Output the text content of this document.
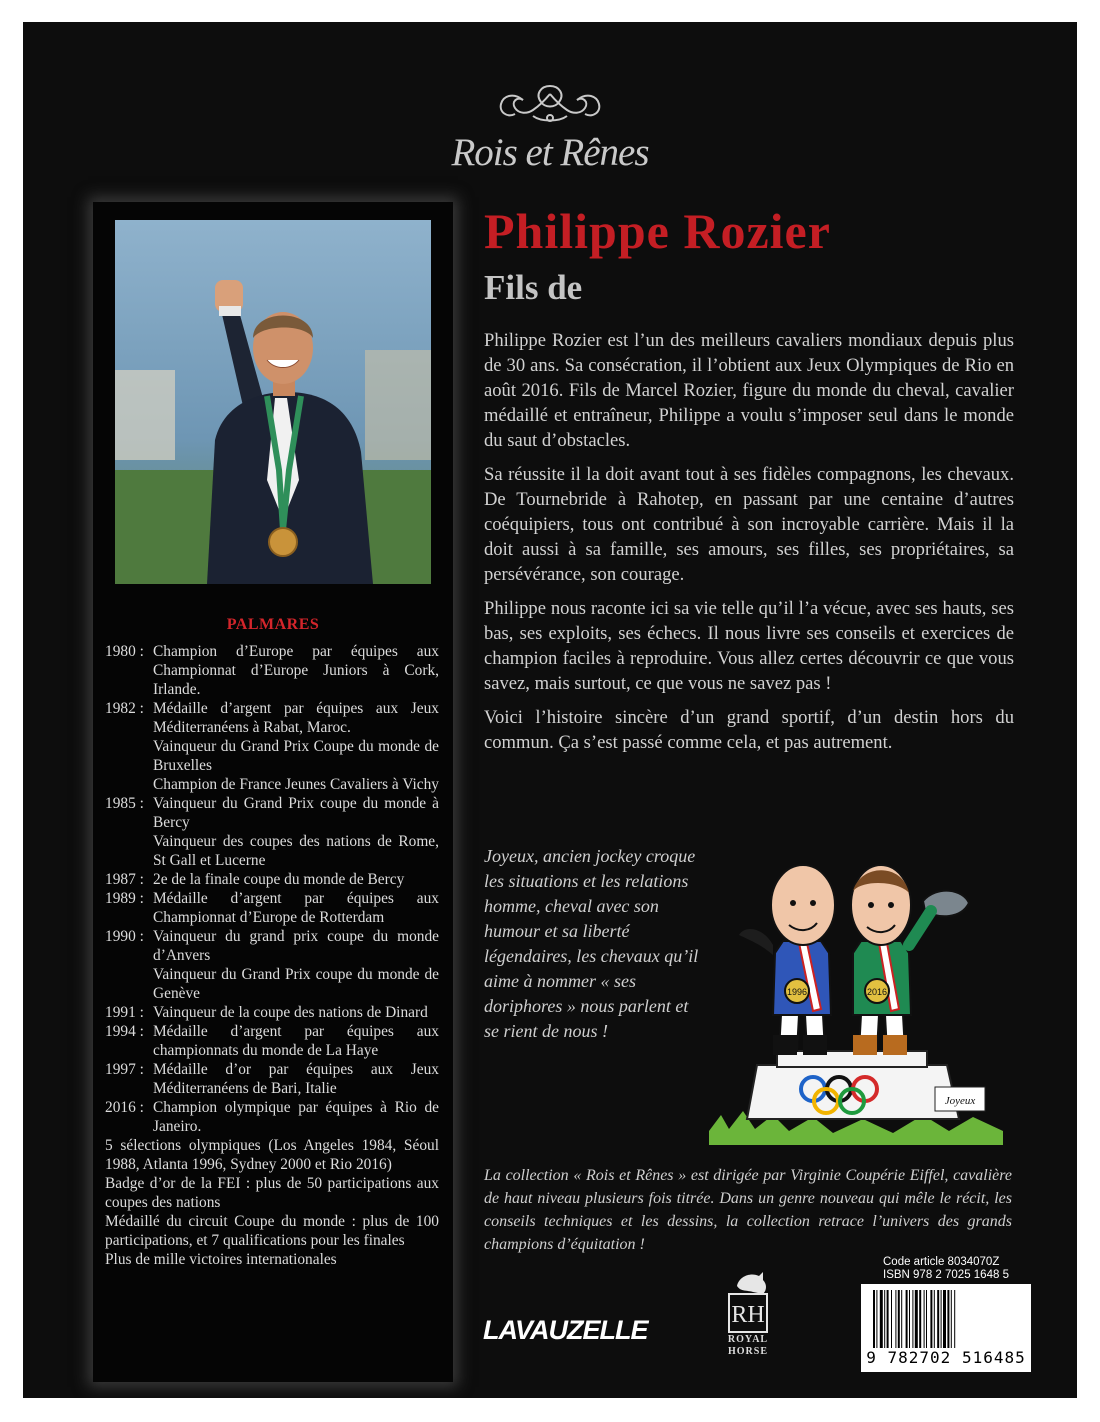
Rois et Rênes
PALMARES
1980 : Champion d’Europe par équipes aux Championnat d’Europe Juniors à Cork, Irlande.
1982 : Médaille d’argent par équipes aux Jeux Méditerranéens à Rabat, Maroc.
Vainqueur du Grand Prix Coupe du monde de Bruxelles
Champion de France Jeunes Cavaliers à Vichy
1985 : Vainqueur du Grand Prix coupe du monde à Bercy
Vainqueur des coupes des nations de Rome, St Gall et Lucerne
1987 : 2e de la finale coupe du monde de Bercy
1989 : Médaille d’argent par équipes aux Championnat d’Europe de Rotterdam
1990 : Vainqueur du grand prix coupe du monde d’Anvers
Vainqueur du Grand Prix coupe du monde de Genève
1991 : Vainqueur de la coupe des nations de Dinard
1994 : Médaille d’argent par équipes aux championnats du monde de La Haye
1997 : Médaille d’or par équipes aux Jeux Méditerranéens de Bari, Italie
2016 : Champion olympique par équipes à Rio de Janeiro.
5 sélections olympiques (Los Angeles 1984, Séoul 1988, Atlanta 1996, Sydney 2000 et Rio 2016)
Badge d’or de la FEI : plus de 50 participations aux coupes des nations
Médaillé du circuit Coupe du monde : plus de 100 participations, et 7 qualifications pour les finales
Plus de mille victoires internationales
Philippe Rozier
Fils de

Philippe Rozier est l’un des meilleurs cavaliers mondiaux depuis plus de 30 ans. Sa consécration, il l’obtient aux Jeux Olympiques de Rio en août 2016. Fils de Marcel Rozier, figure du monde du cheval, cavalier médaillé et entraîneur, Philippe a voulu s’imposer seul dans le monde du saut d’obstacles.

Sa réussite il la doit avant tout à ses fidèles compagnons, les chevaux. De Tournebride à Rahotep, en passant par une centaine d’autres coéquipiers, tous ont contribué à son incroyable carrière. Mais il la doit aussi à sa famille, ses amours, ses filles, ses propriétaires, sa persévérance, son courage.

Philippe nous raconte ici sa vie telle qu’il l’a vécue, avec ses hauts, ses bas, ses exploits, ses échecs. Il nous livre ses conseils et exercices de champion faciles à reproduire. Vous allez certes découvrir ce que vous savez, mais surtout, ce que vous ne savez pas !

Voici l’histoire sincère d’un grand sportif, d’un destin hors du commun. Ça s’est passé comme cela, et pas autrement.

Joyeux, ancien jockey croque les situations et les relations homme, cheval avec son humour et sa liberté légendaires, les chevaux qu’il aime à nommer « ses doriphores » nous parlent et se rient de nous !
1996	2016
Joyeux
La collection « Rois et Rênes » est dirigée par Virginie Coupérie Eiffel, cavalière de haut niveau plusieurs fois titrée. Dans un genre nouveau qui mêle le récit, les conseils techniques et les dessins, la collection retrace l’univers des grands champions d’équitation !
LAVAUZELLE	RH
ROYAL HORSE
Code article 8034070Z
ISBN 978 2 7025 1648 5
9 782702 516485
